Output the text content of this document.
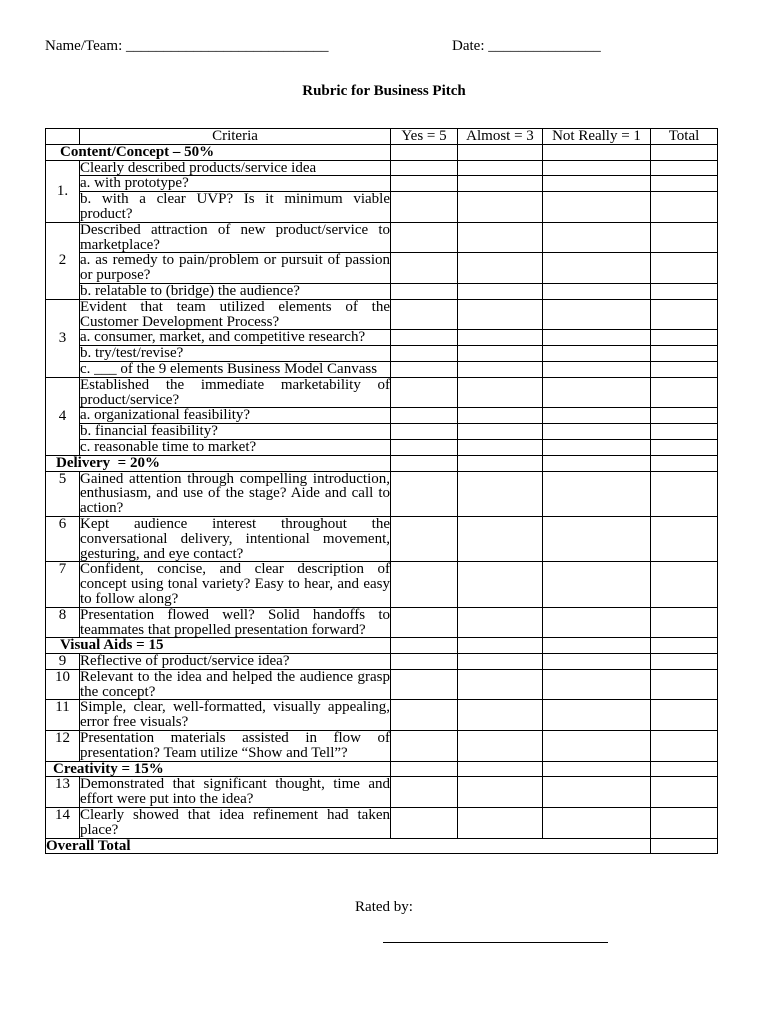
Name/Team: ___________________________	Date: _______________
Rubric for Business Pitch
	Criteria	Yes = 5	Almost = 3	Not Really = 1	Total
Content/Concept – 50%					
1.	Clearly described products/service idea				
	a. with prototype?				
	b. with a clear UVP? Is it minimum viable product?				
2	Described attraction of new product/service to marketplace?				
	a. as remedy to pain/problem or pursuit of passion or purpose?				
	b. relatable to (bridge) the audience?				
3	Evident that team utilized elements of the Customer Development Process?				
	a. consumer, market, and competitive research?				
	b. try/test/revise?				
	c. ___ of the 9 elements Business Model Canvass				
4	Established the immediate marketability of product/service?				
	a. organizational feasibility?				
	b. financial feasibility?				
	c. reasonable time to market?				
Delivery  = 20%					
5	Gained attention through compelling introduction, enthusiasm, and use of the stage? Aide and call to action?				
6	Kept audience interest throughout the conversational delivery, intentional movement, gesturing, and eye contact?				
7	Confident, concise, and clear description of concept using tonal variety? Easy to hear, and easy to follow along?				
8	Presentation flowed well? Solid handoffs to teammates that propelled presentation forward?				
Visual Aids = 15					
9	Reflective of product/service idea?				
10	Relevant to the idea and helped the audience grasp the concept?				
11	Simple, clear, well-formatted, visually appealing, error free visuals?				
12	Presentation materials assisted in flow of presentation? Team utilize “Show and Tell”?				
Creativity = 15%					
13	Demonstrated that significant thought, time and effort were put into the idea?				
14	Clearly showed that idea refinement had taken place?				
Overall Total					
Rated by:
